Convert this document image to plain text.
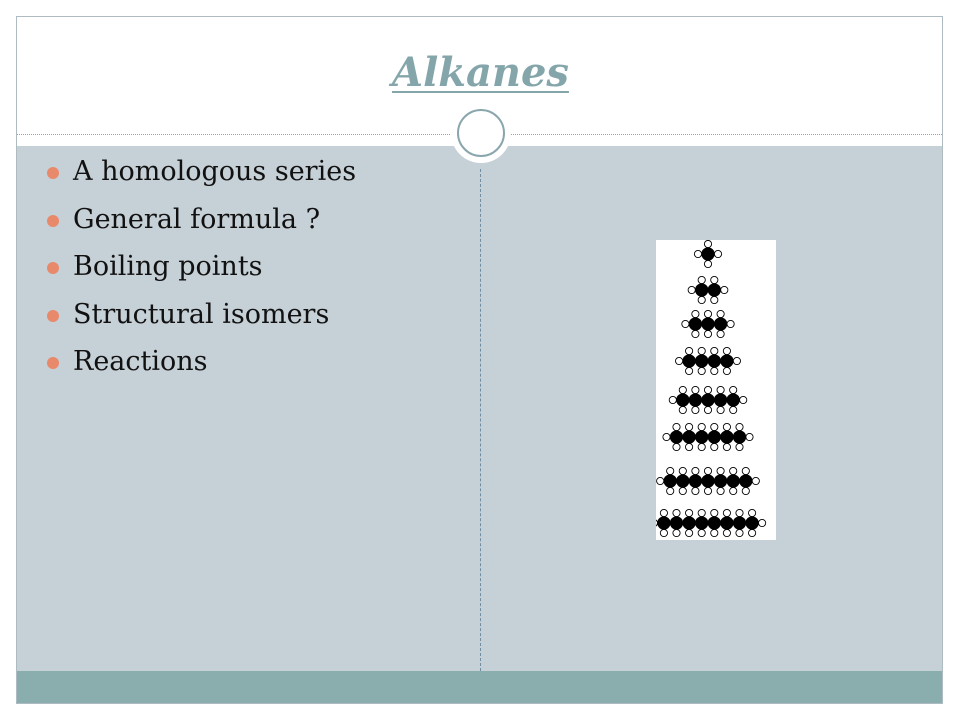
Alkanes
A homologous series
General formula ?
Boiling points
Structural isomers
Reactions
